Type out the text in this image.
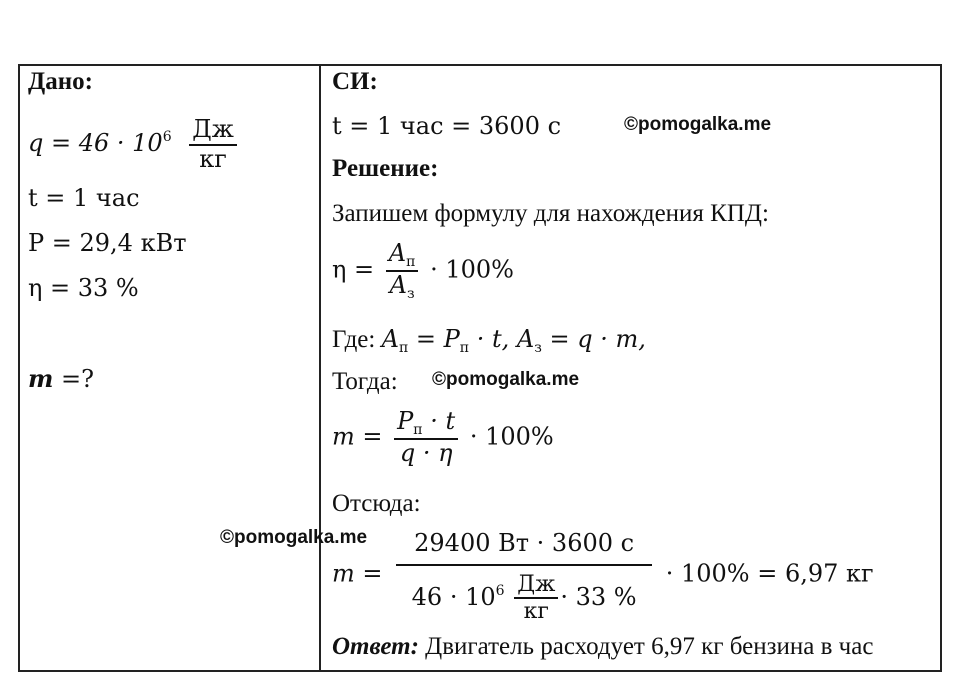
Дано:
$q = 46 \cdot 10^6 \frac{Дж}{кг}$
t = 1 час
P = 29,4 кВт
η = 33 %
m =?
СИ:
t = 1 час = 3600 с
Решение:
Запишем формулу для нахождения КПД:
$\eta = \frac{A_п}{A_з} \cdot 100\%$
Где: $A_п = P_п \cdot t$, $A_з = q \cdot m$,
Тогда:
$m = \frac{P_п \cdot t}{q \cdot \eta} \cdot 100\%$
Отсюда:
$m = \frac{29400 Вт \cdot 3600 с}{46 \cdot 10^6 \frac{Дж}{кг} \cdot 33 \%} \cdot 100\% = 6,97$ кг
Ответ: Двигатель расходует 6,97 кг бензина в час
©pomogalka.me
©pomogalka.me
©pomogalka.me
